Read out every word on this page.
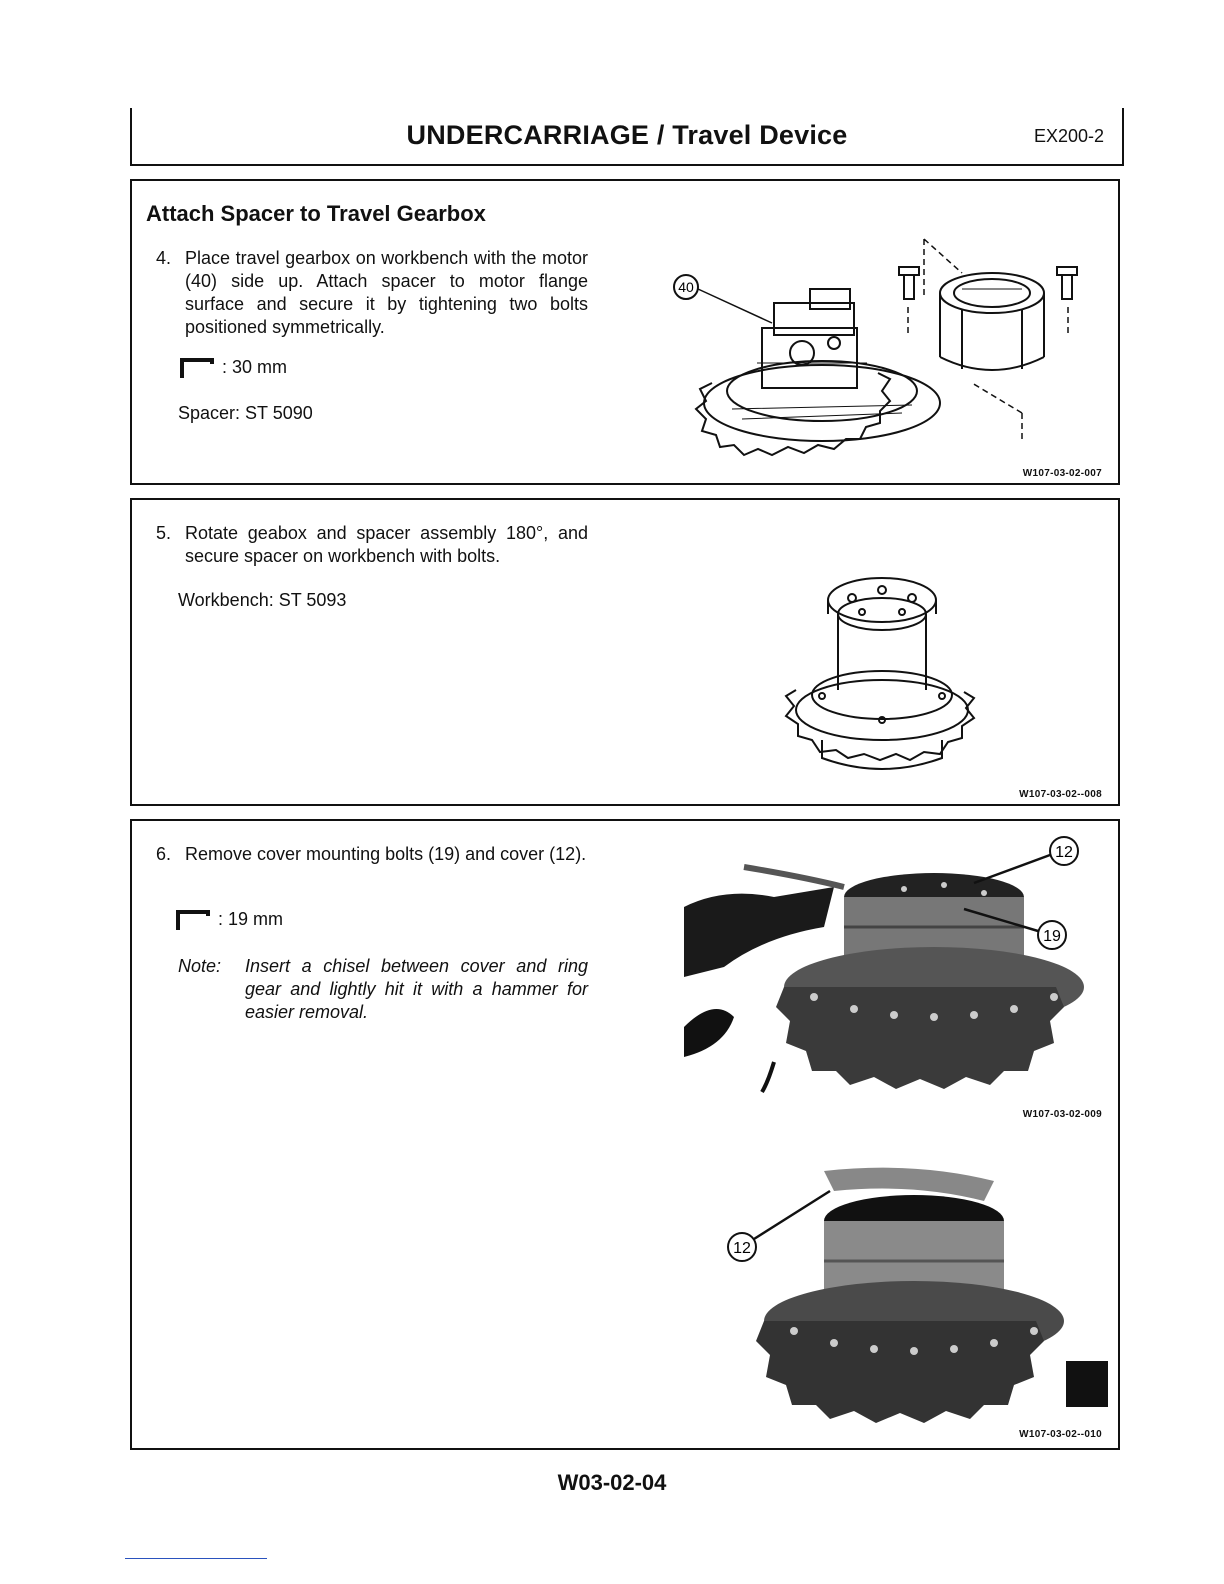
UNDERCARRIAGE / Travel Device	EX200-2
Attach Spacer to Travel Gearbox
4. Place travel gearbox on workbench with the motor (40) side up. Attach spacer to motor flange surface and secure it by tightening two bolts positioned symmetrically.
: 30 mm
Spacer: ST 5090
40
W107-03-02-007
5. Rotate geabox and spacer assembly 180°, and secure spacer on workbench with bolts.
Workbench: ST 5093
W107-03-02--008
6. Remove cover mounting bolts (19) and cover (12).
: 19 mm
Note: Insert a chisel between cover and ring gear and lightly hit it with a hammer for easier removal.
12
19
W107-03-02-009
12
W107-03-02--010
W03-02-04
